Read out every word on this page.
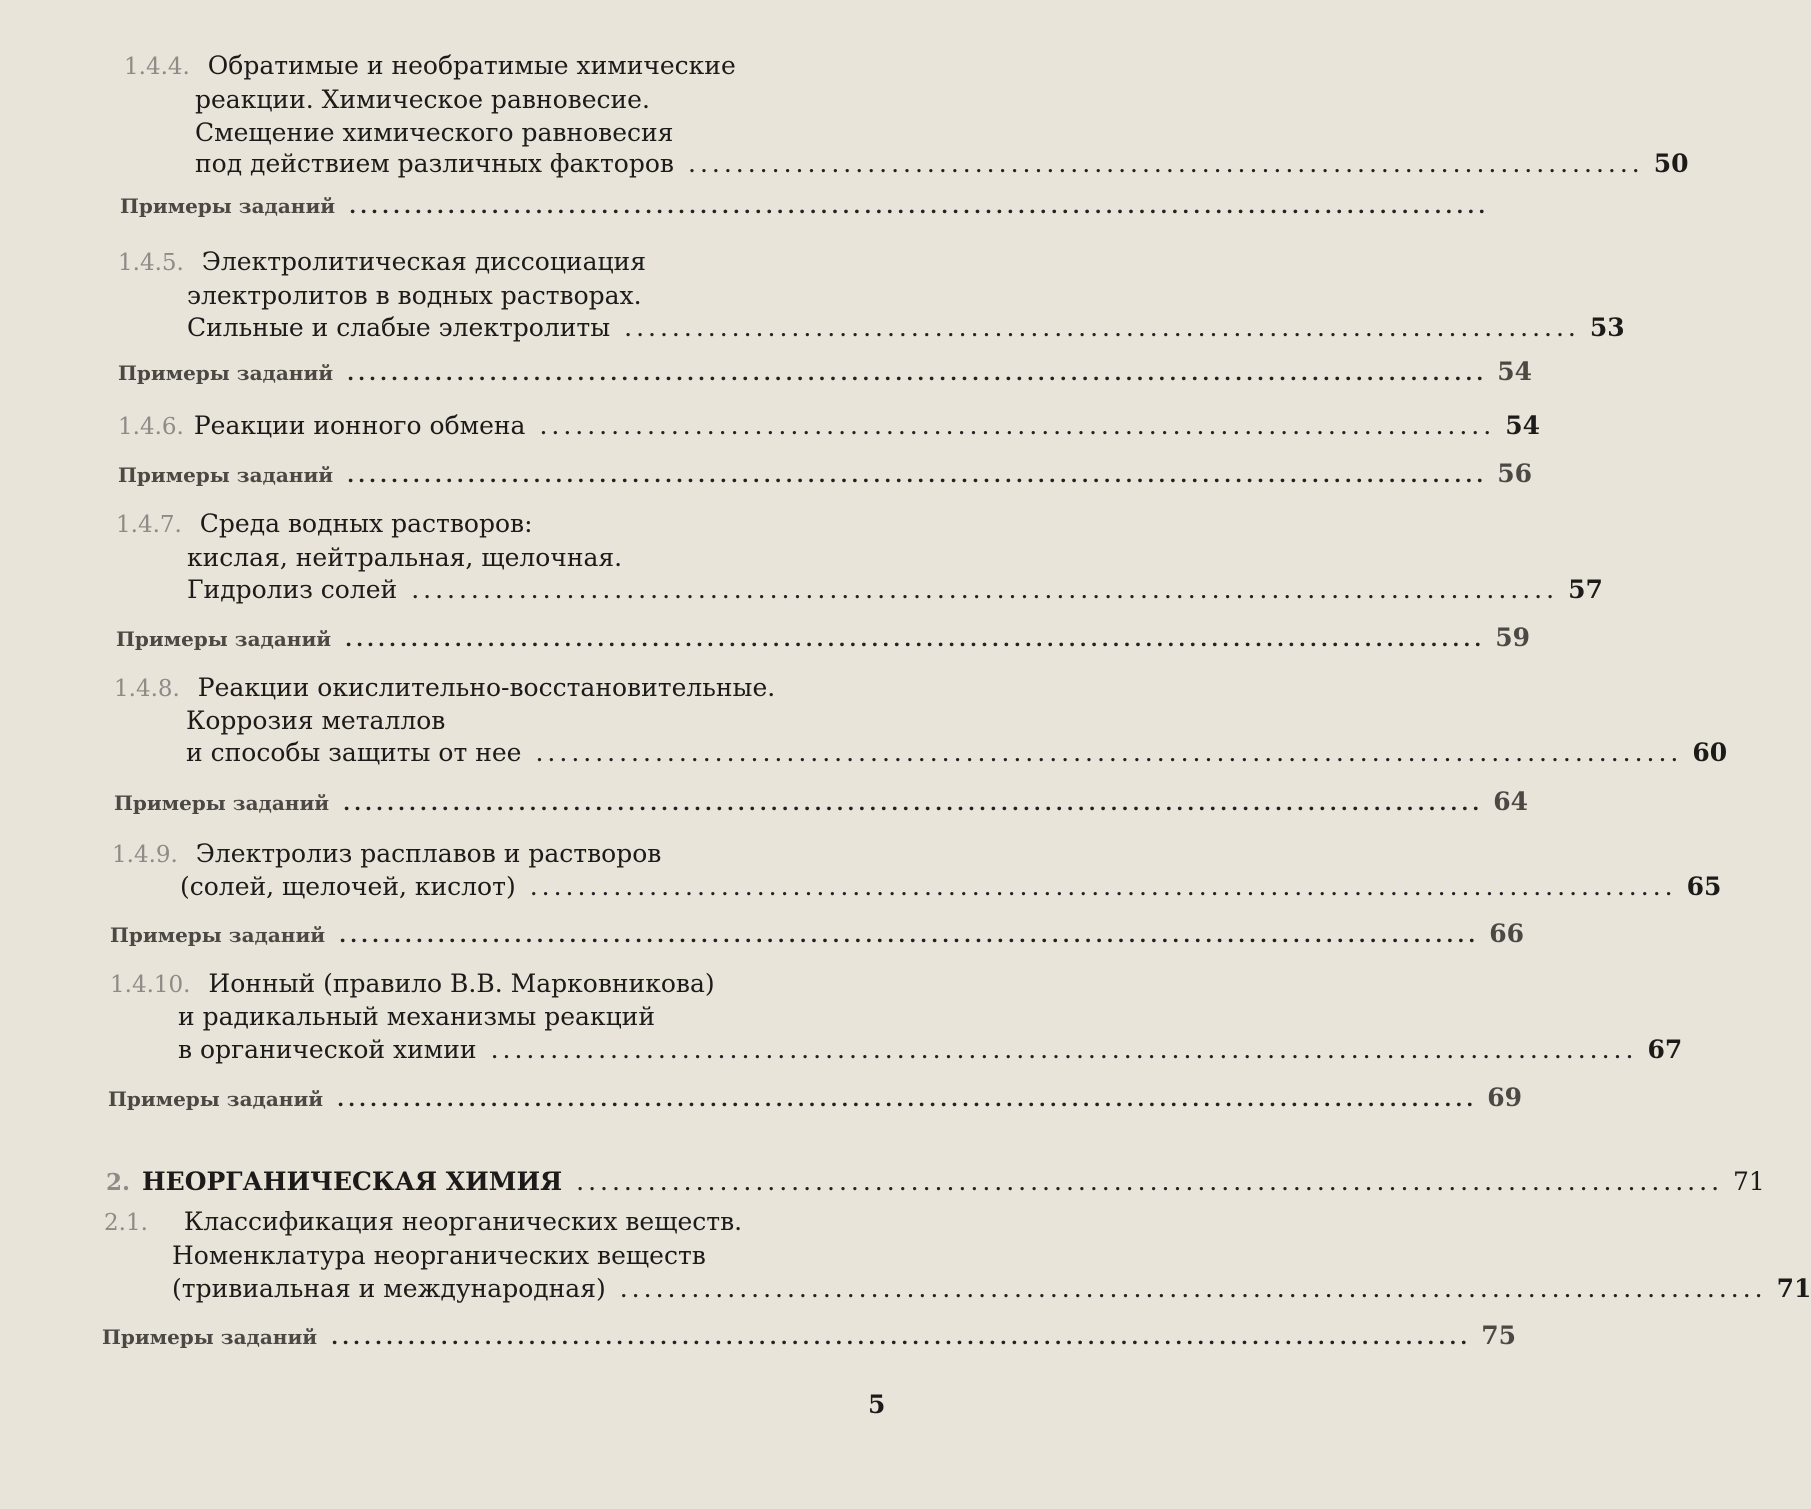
1.4.4. Обратимые и необратимые химические
реакции. Химическое равновесие.
Смещение химического равновесия
под действием различных факторов ................................................................................ 50
Примеры заданий ........................................................................................................
1.4.5. Электролитическая диссоциация
электролитов в водных растворах.
Сильные и слабые электролиты ................................................................................ 53
Примеры заданий ........................................................................................................ 54
1.4.6. Реакции ионного обмена ................................................................................ 54
Примеры заданий ........................................................................................................ 56
1.4.7. Среда водных растворов:
кислая, нейтральная, щелочная.
Гидролиз солей ................................................................................................ 57
Примеры заданий ........................................................................................................ 59
1.4.8. Реакции окислительно-восстановительные.
Коррозия металлов
и способы защиты от нее ................................................................................................ 60
Примеры заданий ........................................................................................................ 64
1.4.9. Электролиз расплавов и растворов
(солей, щелочей, кислот) ................................................................................................ 65
Примеры заданий ........................................................................................................ 66
1.4.10. Ионный (правило В.В. Марковникова)
и радикальный механизмы реакций
в органической химии ................................................................................................ 67
Примеры заданий ........................................................................................................ 69
2. НЕОРГАНИЧЕСКАЯ ХИМИЯ ................................................................................................ 71
2.1. Классификация неорганических веществ.
Номенклатура неорганических веществ
(тривиальная и международная) ................................................................................................ 71
Примеры заданий ........................................................................................................ 75
5
